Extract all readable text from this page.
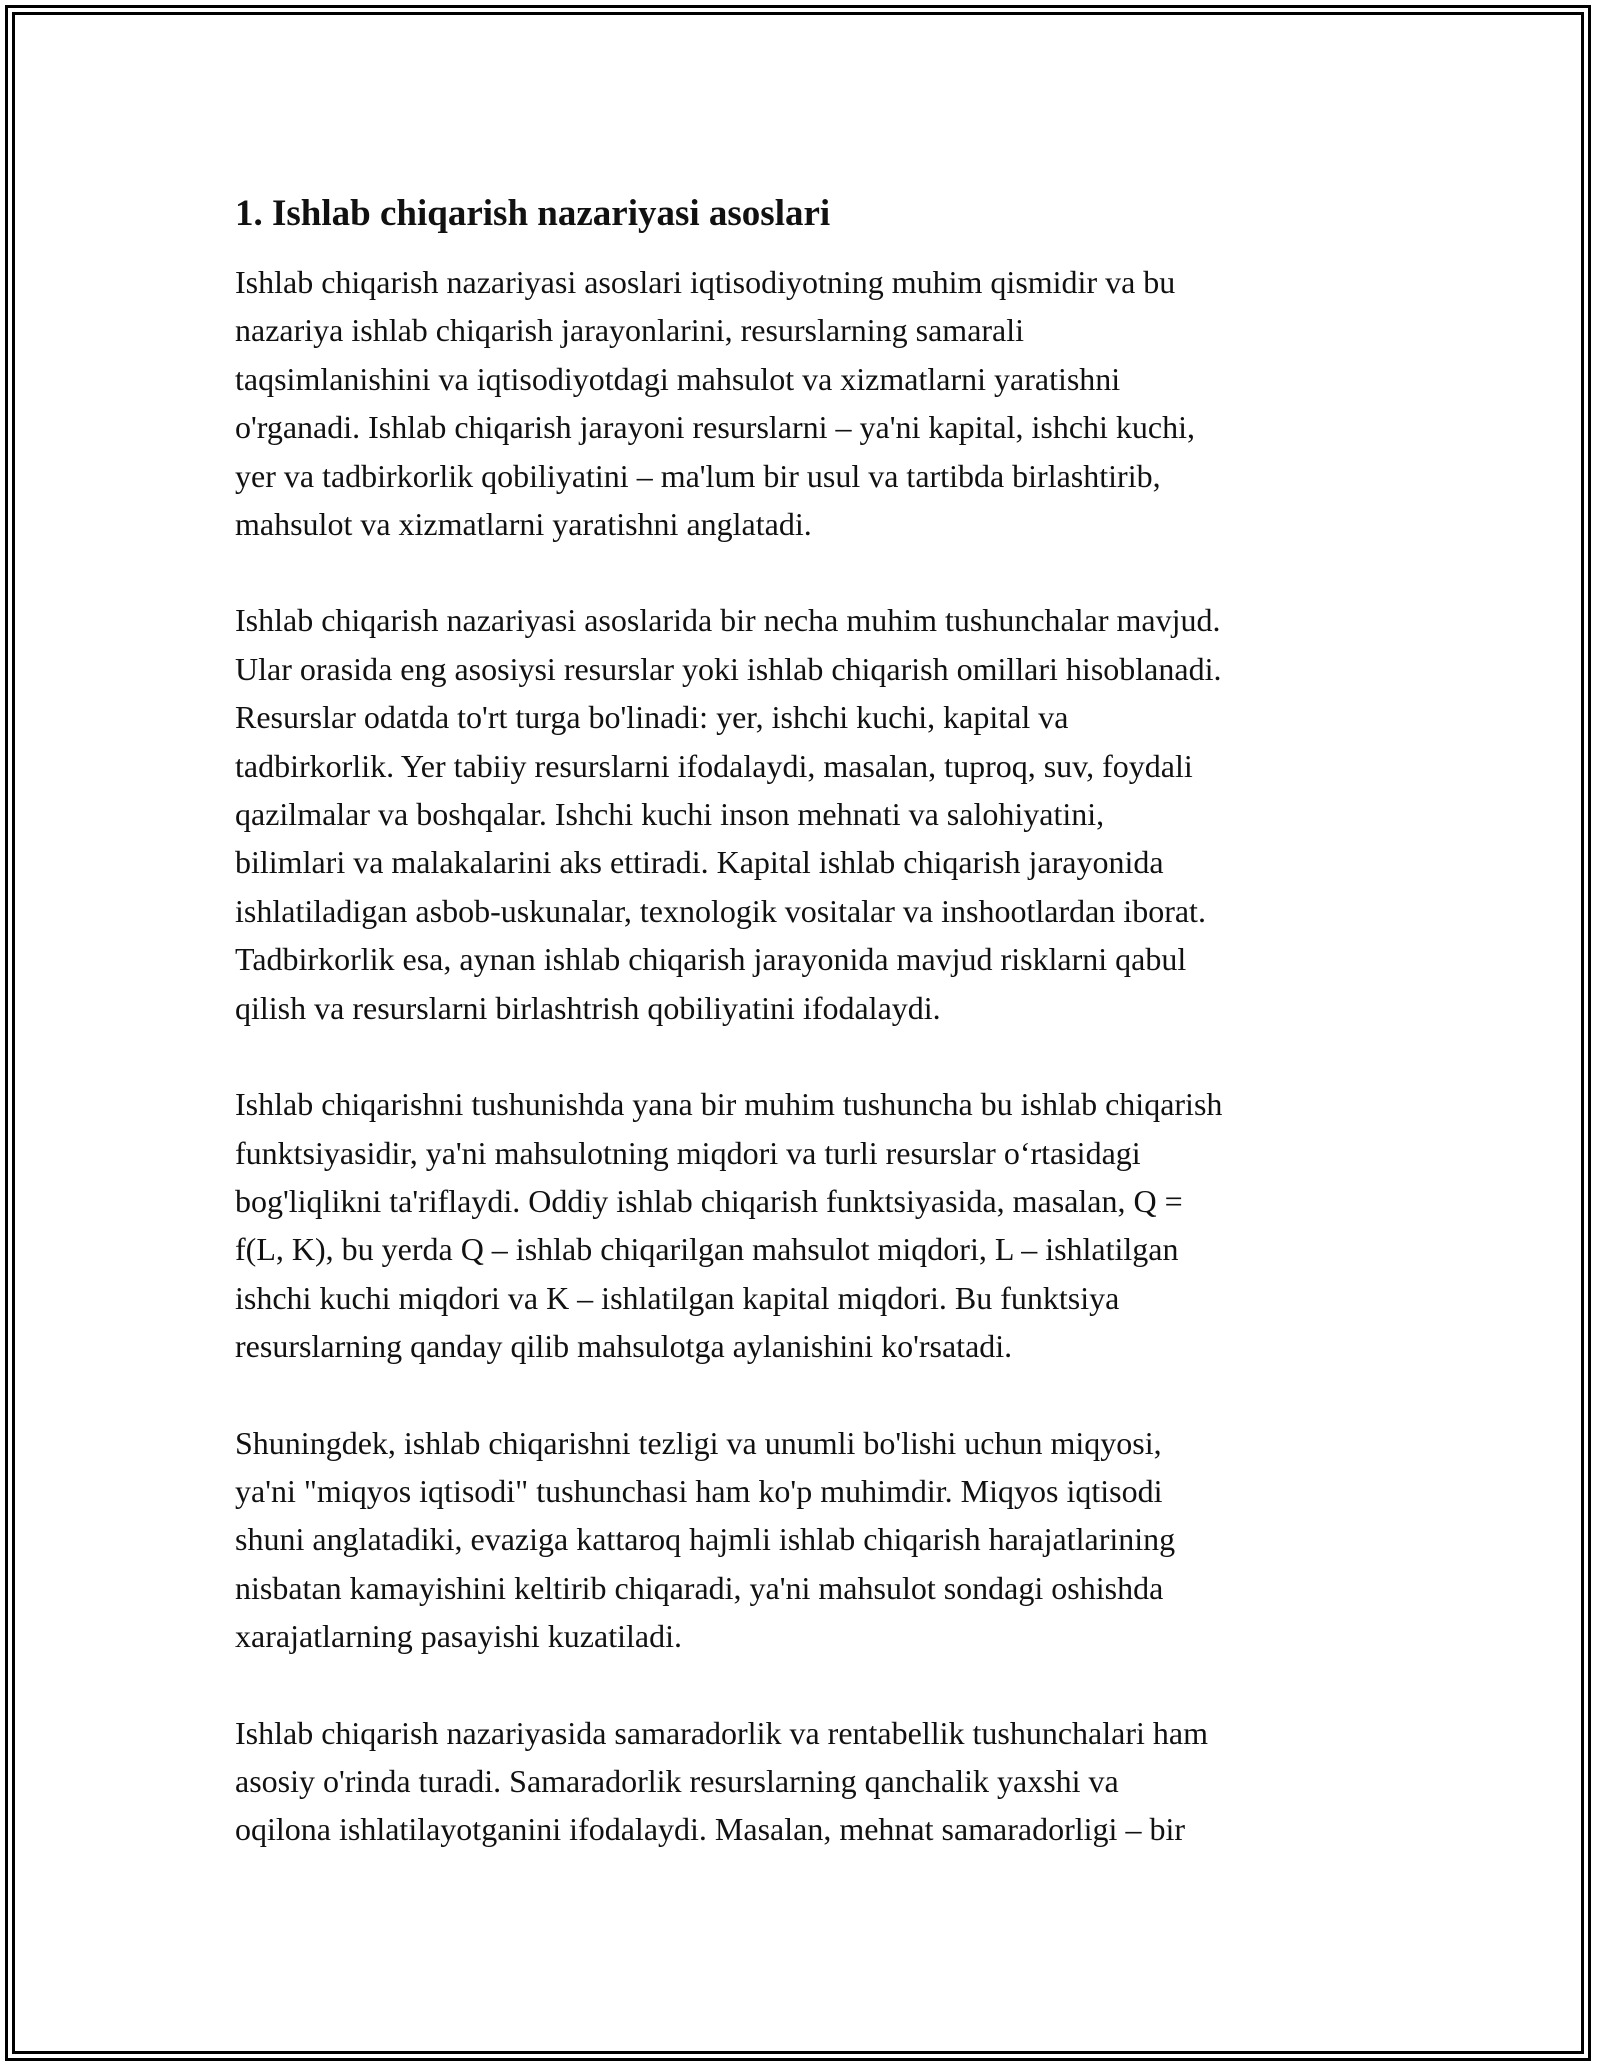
1. Ishlab chiqarish nazariyasi asoslari

Ishlab chiqarish nazariyasi asoslari iqtisodiyotning muhim qismidir va bu
nazariya ishlab chiqarish jarayonlarini, resurslarning samarali
taqsimlanishini va iqtisodiyotdagi mahsulot va xizmatlarni yaratishni
o'rganadi. Ishlab chiqarish jarayoni resurslarni – ya'ni kapital, ishchi kuchi,
yer va tadbirkorlik qobiliyatini – ma'lum bir usul va tartibda birlashtirib,
mahsulot va xizmatlarni yaratishni anglatadi.

Ishlab chiqarish nazariyasi asoslarida bir necha muhim tushunchalar mavjud.
Ular orasida eng asosiysi resurslar yoki ishlab chiqarish omillari hisoblanadi.
Resurslar odatda to'rt turga bo'linadi: yer, ishchi kuchi, kapital va
tadbirkorlik. Yer tabiiy resurslarni ifodalaydi, masalan, tuproq, suv, foydali
qazilmalar va boshqalar. Ishchi kuchi inson mehnati va salohiyatini,
bilimlari va malakalarini aks ettiradi. Kapital ishlab chiqarish jarayonida
ishlatiladigan asbob-uskunalar, texnologik vositalar va inshootlardan iborat.
Tadbirkorlik esa, aynan ishlab chiqarish jarayonida mavjud risklarni qabul
qilish va resurslarni birlashtrish qobiliyatini ifodalaydi.

Ishlab chiqarishni tushunishda yana bir muhim tushuncha bu ishlab chiqarish
funktsiyasidir, ya'ni mahsulotning miqdori va turli resurslar o‘rtasidagi
bog'liqlikni ta'riflaydi. Oddiy ishlab chiqarish funktsiyasida, masalan, Q =
f(L, K), bu yerda Q – ishlab chiqarilgan mahsulot miqdori, L – ishlatilgan
ishchi kuchi miqdori va K – ishlatilgan kapital miqdori. Bu funktsiya
resurslarning qanday qilib mahsulotga aylanishini ko'rsatadi.

Shuningdek, ishlab chiqarishni tezligi va unumli bo'lishi uchun miqyosi,
ya'ni "miqyos iqtisodi" tushunchasi ham ko'p muhimdir. Miqyos iqtisodi
shuni anglatadiki, evaziga kattaroq hajmli ishlab chiqarish harajatlarining
nisbatan kamayishini keltirib chiqaradi, ya'ni mahsulot sondagi oshishda
xarajatlarning pasayishi kuzatiladi.

Ishlab chiqarish nazariyasida samaradorlik va rentabellik tushunchalari ham
asosiy o'rinda turadi. Samaradorlik resurslarning qanchalik yaxshi va
oqilona ishlatilayotganini ifodalaydi. Masalan, mehnat samaradorligi – bir
